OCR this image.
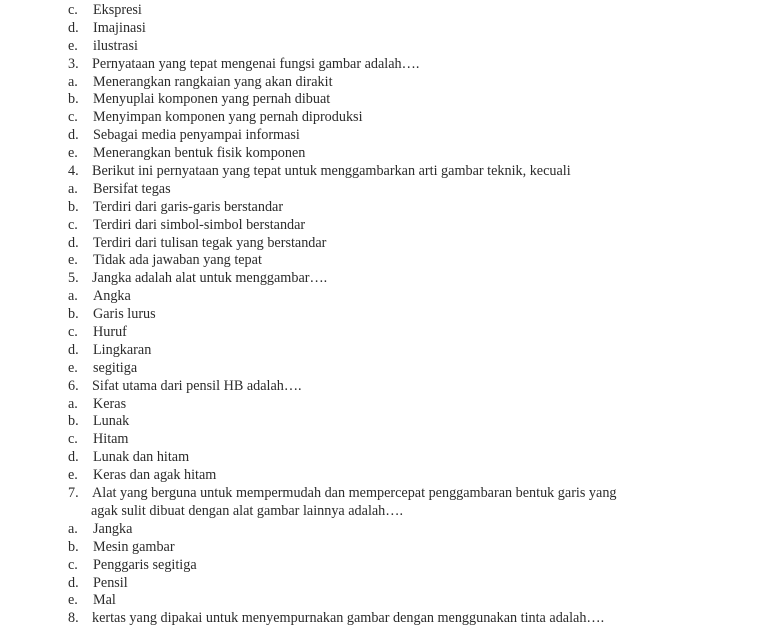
c. Ekspresi
d. Imajinasi
e. ilustrasi
3. Pernyataan yang tepat mengenai fungsi gambar adalah….
a. Menerangkan rangkaian yang akan dirakit
b. Menyuplai komponen yang pernah dibuat
c. Menyimpan komponen yang pernah diproduksi
d. Sebagai media penyampai informasi
e. Menerangkan bentuk fisik komponen
4. Berikut ini pernyataan yang tepat untuk menggambarkan arti gambar teknik, kecuali
a. Bersifat tegas
b. Terdiri dari garis-garis berstandar
c. Terdiri dari simbol-simbol berstandar
d. Terdiri dari tulisan tegak yang berstandar
e. Tidak ada jawaban yang tepat
5. Jangka adalah alat untuk menggambar….
a. Angka
b. Garis lurus
c. Huruf
d. Lingkaran
e. segitiga
6. Sifat utama dari pensil HB adalah….
a. Keras
b. Lunak
c. Hitam
d. Lunak dan hitam
e. Keras dan agak hitam
7. Alat yang berguna untuk mempermudah dan mempercepat penggambaran bentuk garis yang
agak sulit dibuat dengan alat gambar lainnya adalah….
a. Jangka
b. Mesin gambar
c. Penggaris segitiga
d. Pensil
e. Mal
8. kertas yang dipakai untuk menyempurnakan gambar dengan menggunakan tinta adalah….
